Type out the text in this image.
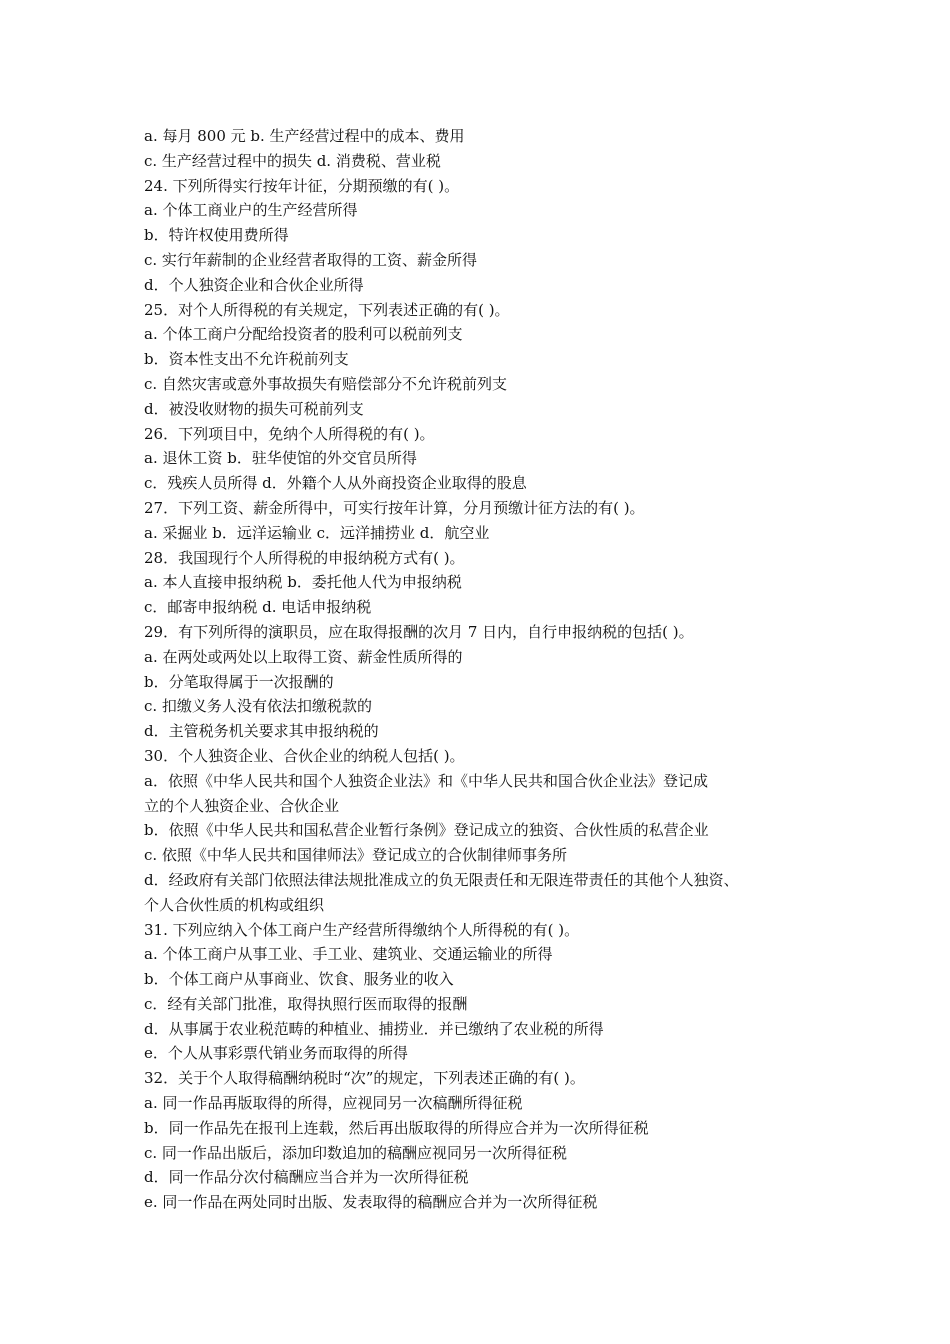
a. 每月 800 元 b. 生产经营过程中的成本、费用
c. 生产经营过程中的损失 d. 消费税、营业税
24. 下列所得实行按年计征，分期预缴的有( )。
a. 个体工商业户的生产经营所得
b．特许权使用费所得
c. 实行年薪制的企业经营者取得的工资、薪金所得
d．个人独资企业和合伙企业所得
25．对个人所得税的有关规定，下列表述正确的有( )。
a. 个体工商户分配给投资者的股利可以税前列支
b．资本性支出不允许税前列支
c. 自然灾害或意外事故损失有赔偿部分不允许税前列支
d．被没收财物的损失可税前列支
26．下列项目中，免纳个人所得税的有( )。
a. 退休工资 b．驻华使馆的外交官员所得
c．残疾人员所得 d．外籍个人从外商投资企业取得的股息
27．下列工资、薪金所得中，可实行按年计算，分月预缴计征方法的有( )。
a. 采掘业 b．远洋运输业 c．远洋捕捞业 d．航空业
28．我国现行个人所得税的申报纳税方式有( )。
a. 本人直接申报纳税 b．委托他人代为申报纳税
c．邮寄申报纳税 d. 电话申报纳税
29．有下列所得的演职员，应在取得报酬的次月 7 日内，自行申报纳税的包括( )。
a. 在两处或两处以上取得工资、薪金性质所得的
b．分笔取得属于一次报酬的
c. 扣缴义务人没有依法扣缴税款的
d．主管税务机关要求其申报纳税的
30．个人独资企业、合伙企业的纳税人包括( )。
a．依照《中华人民共和国个人独资企业法》和《中华人民共和国合伙企业法》登记成
立的个人独资企业、合伙企业
b．依照《中华人民共和国私营企业暂行条例》登记成立的独资、合伙性质的私营企业
c. 依照《中华人民共和国律师法》登记成立的合伙制律师事务所
d．经政府有关部门依照法律法规批准成立的负无限责任和无限连带责任的其他个人独资、
个人合伙性质的机构或组织
31. 下列应纳入个体工商户生产经营所得缴纳个人所得税的有( )。
a. 个体工商户从事工业、手工业、建筑业、交通运输业的所得
b．个体工商户从事商业、饮食、服务业的收入
c．经有关部门批准，取得执照行医而取得的报酬
d．从事属于农业税范畴的种植业、捕捞业．并已缴纳了农业税的所得
e．个人从事彩票代销业务而取得的所得
32．关于个人取得稿酬纳税时“次”的规定，下列表述正确的有( )。
a. 同一作品再版取得的所得，应视同另一次稿酬所得征税
b．同一作品先在报刊上连载，然后再出版取得的所得应合并为一次所得征税
c. 同一作品出版后，添加印数追加的稿酬应视同另一次所得征税
d．同一作品分次付稿酬应当合并为一次所得征税
e. 同一作品在两处同时出版、发表取得的稿酬应合并为一次所得征税
